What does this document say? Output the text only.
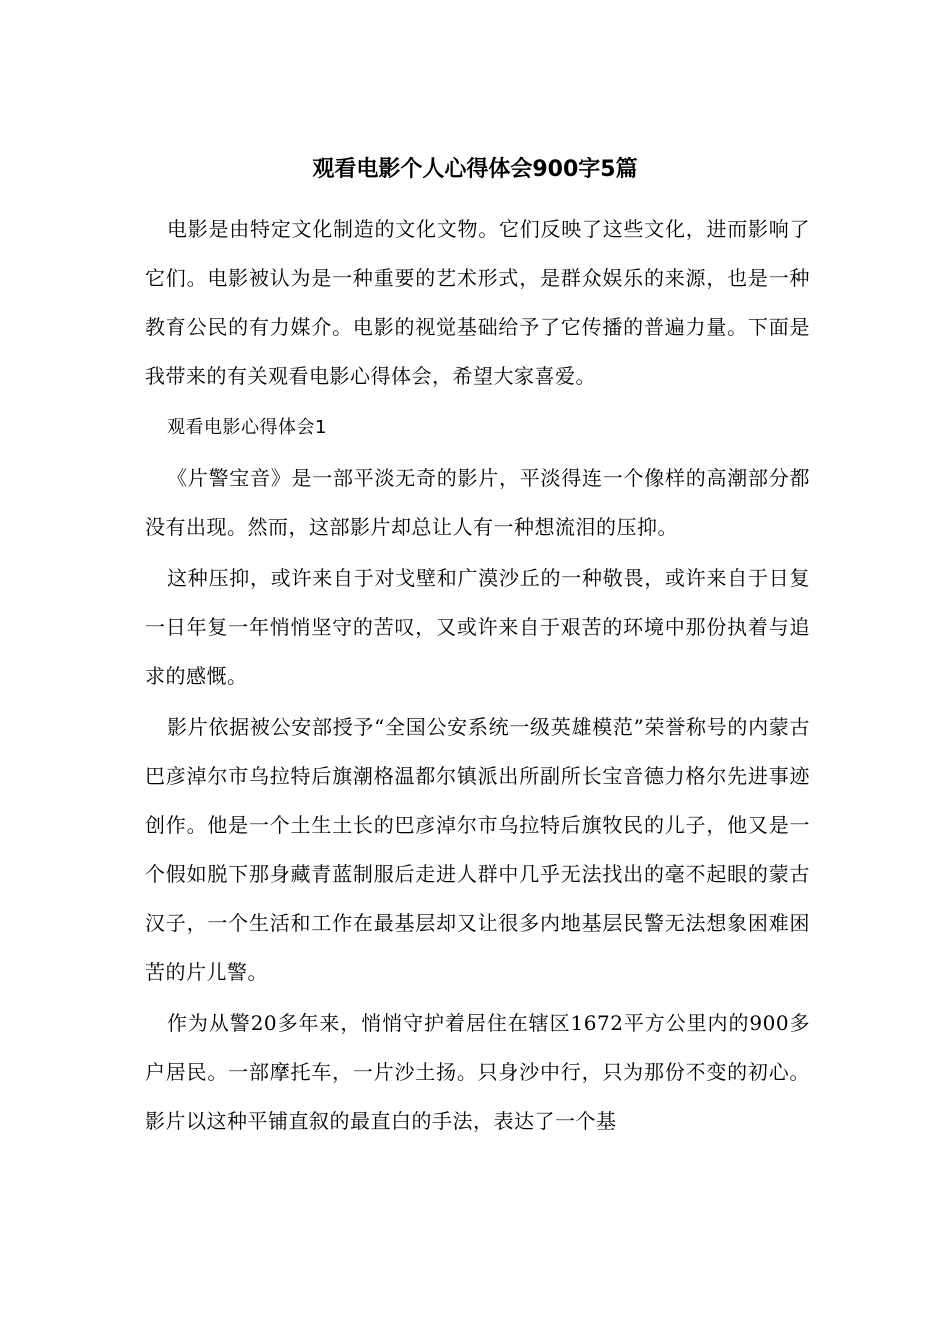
观看电影个人心得体会900字5篇

电影是由特定文化制造的文化文物。它们反映了这些文化，进而影响了它们。电影被认为是一种重要的艺术形式，是群众娱乐的来源，也是一种教育公民的有力媒介。电影的视觉基础给予了它传播的普遍力量。下面是我带来的有关观看电影心得体会，希望大家喜爱。

观看电影心得体会1

《片警宝音》是一部平淡无奇的影片，平淡得连一个像样的高潮部分都没有出现。然而，这部影片却总让人有一种想流泪的压抑。

这种压抑，或许来自于对戈壁和广漠沙丘的一种敬畏，或许来自于日复一日年复一年悄悄坚守的苦叹，又或许来自于艰苦的环境中那份执着与追求的感慨。

影片依据被公安部授予“全国公安系统一级英雄模范”荣誉称号的内蒙古巴彦淖尔市乌拉特后旗潮格温都尔镇派出所副所长宝音德力格尔先进事迹创作。他是一个土生土长的巴彦淖尔市乌拉特后旗牧民的儿子，他又是一个假如脱下那身藏青蓝制服后走进人群中几乎无法找出的毫不起眼的蒙古汉子，一个生活和工作在最基层却又让很多内地基层民警无法想象困难困苦的片儿警。

作为从警20多年来，悄悄守护着居住在辖区1672平方公里内的900多户居民。一部摩托车，一片沙土扬。只身沙中行，只为那份不变的初心。影片以这种平铺直叙的最直白的手法，表达了一个基
